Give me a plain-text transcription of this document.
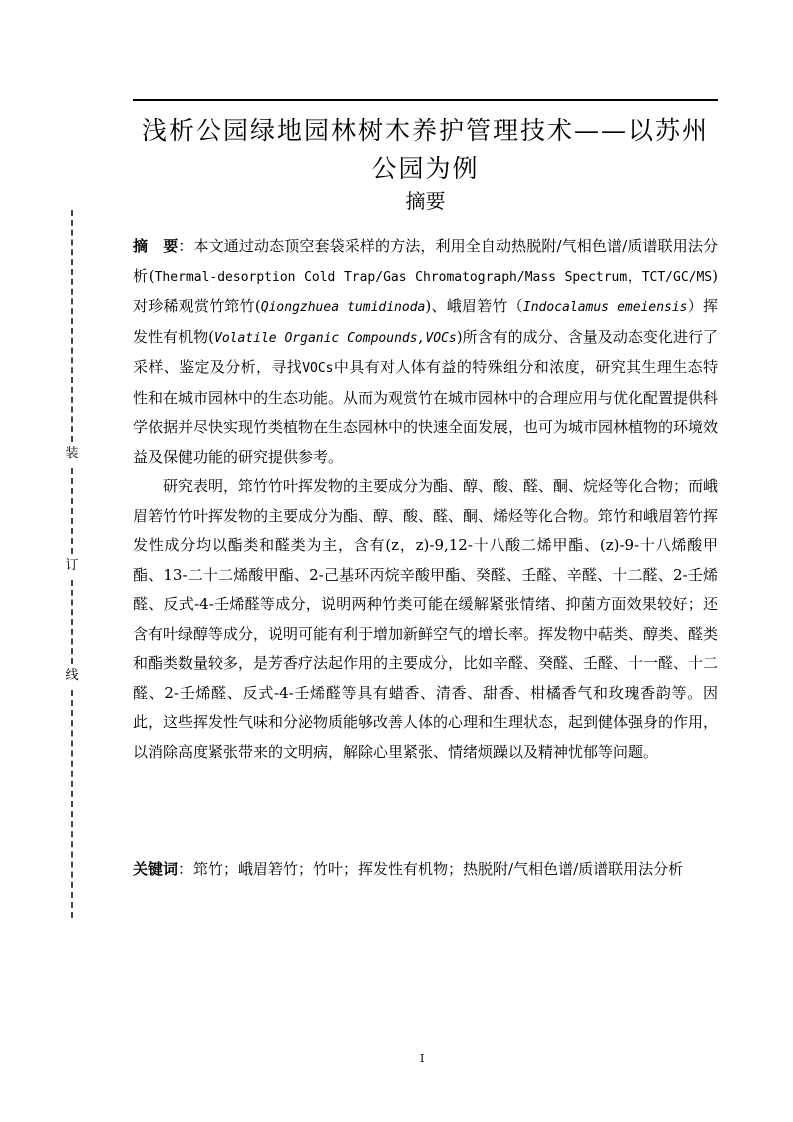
浅析公园绿地园林树木养护管理技术——以苏州公园为例
摘要
装
订
线

摘　要：本文通过动态顶空套袋采样的方法，利用全自动热脱附/气相色谱/质谱联用法分析(Thermal-desorption Cold Trap/Gas Chromatograph/Mass Spectrum，TCT/GC/MS)对珍稀观赏竹筇竹(Qiongzhuea tumidinoda)、峨眉箬竹（Indocalamus emeiensis）挥发性有机物(Volatile Organic Compounds,VOCs)所含有的成分、含量及动态变化进行了采样、鉴定及分析，寻找VOCs中具有对人体有益的特殊组分和浓度，研究其生理生态特性和在城市园林中的生态功能。从而为观赏竹在城市园林中的合理应用与优化配置提供科学依据并尽快实现竹类植物在生态园林中的快速全面发展，也可为城市园林植物的环境效益及保健功能的研究提供参考。

研究表明，筇竹竹叶挥发物的主要成分为酯、醇、酸、醛、酮、烷烃等化合物；而峨眉箬竹竹叶挥发物的主要成分为酯、醇、酸、醛、酮、烯烃等化合物。筇竹和峨眉箬竹挥发性成分均以酯类和醛类为主，含有(z，z)-9,12-十八酸二烯甲酯、(z)-9-十八烯酸甲酯、13-二十二烯酸甲酯、2-己基环丙烷辛酸甲酯、癸醛、壬醛、辛醛、十二醛、2-壬烯醛、反式-4-壬烯醛等成分，说明两种竹类可能在缓解紧张情绪、抑菌方面效果较好；还含有叶绿醇等成分，说明可能有利于增加新鲜空气的增长率。挥发物中萜类、醇类、醛类和酯类数量较多，是芳香疗法起作用的主要成分，比如辛醛、癸醛、壬醛、十一醛、十二醛、2-壬烯醛、反式-4-壬烯醛等具有蜡香、清香、甜香、柑橘香气和玫瑰香韵等。因此，这些挥发性气味和分泌物质能够改善人体的心理和生理状态，起到健体强身的作用，以消除高度紧张带来的文明病，解除心里紧张、情绪烦躁以及精神忧郁等问题。

关键词：筇竹；峨眉箬竹；竹叶；挥发性有机物；热脱附/气相色谱/质谱联用法分析
I
